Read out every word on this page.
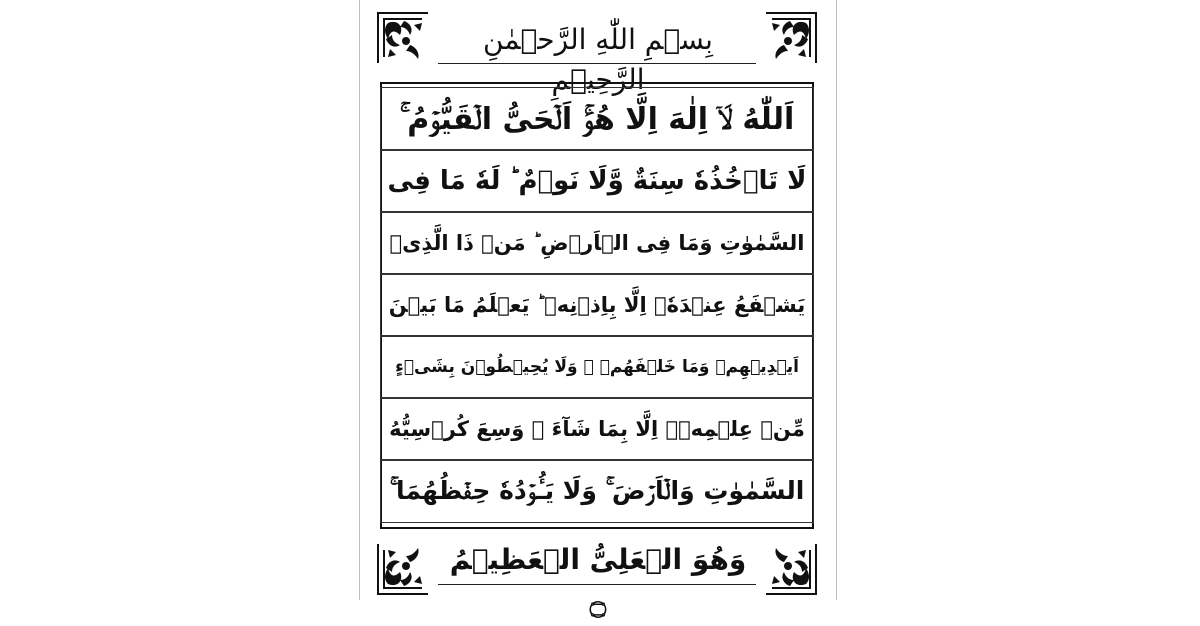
بِسۡمِ اللّٰهِ الرَّحۡمٰنِ الرَّحِیۡمِ
اَللّٰهُ لَاۤ اِلٰهَ اِلَّا هُوَۚ اَلۡحَیُّ الۡقَیُّوۡمُ ۚ
لَا تَاۡخُذُهٗ سِنَةٌ وَّلَا نَوۡمٌ ؕ لَهٗ مَا فِی
السَّمٰوٰتِ وَمَا فِی الۡاَرۡضِ ؕ مَنۡ ذَا الَّذِیۡ
یَشۡفَعُ عِنۡدَهٗۤ اِلَّا بِاِذۡنِهٖ ؕ یَعۡلَمُ مَا بَیۡنَ
اَیۡدِیۡهِمۡ وَمَا خَلۡفَهُمۡ ۚ وَلَا یُحِیۡطُوۡنَ بِشَیۡءٍ
مِّنۡ عِلۡمِهٖۤ اِلَّا بِمَا شَآءَ ۚ وَسِعَ كُرۡسِیُّهُ
السَّمٰوٰتِ وَالۡاَرۡضَ ۚ وَلَا یَـُٔوۡدُهٗ حِفۡظُهُمَا ۚ
وَهُوَ الۡعَلِیُّ الۡعَظِیۡمُ ۝
